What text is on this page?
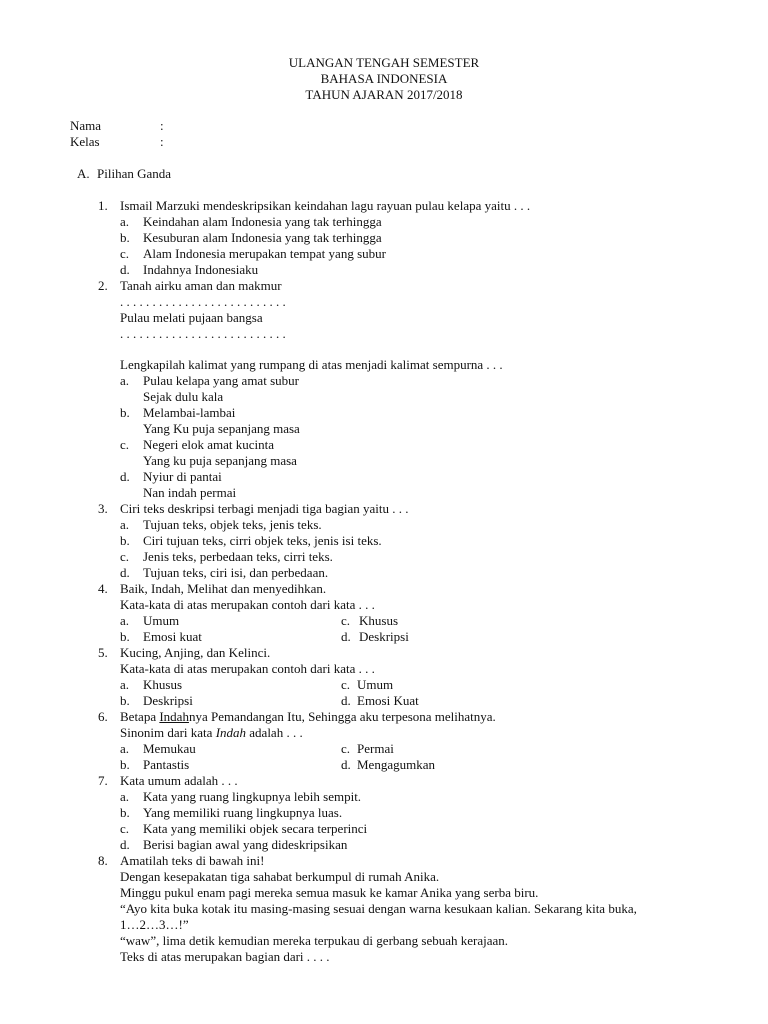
ULANGAN TENGAH SEMESTER
BAHASA INDONESIA
TAHUN AJARAN 2017/2018
Nama	:
Kelas	:
A. Pilihan Ganda
1. Ismail Marzuki mendeskripsikan keindahan lagu rayuan pulau kelapa yaitu . . .
a. Keindahan alam Indonesia yang tak terhingga
b. Kesuburan alam Indonesia yang tak terhingga
c. Alam Indonesia merupakan tempat yang subur
d. Indahnya Indonesiaku
2. Tanah airku aman dan makmur
. . . . . . . . . . . . . . . . . . . . . . . . . .
Pulau melati pujaan bangsa
. . . . . . . . . . . . . . . . . . . . . . . . . .
Lengkapilah kalimat yang rumpang di atas menjadi kalimat sempurna . . .
a. Pulau kelapa yang amat subur
Sejak dulu kala
b. Melambai-lambai
Yang Ku puja sepanjang masa
c. Negeri elok amat kucinta
Yang ku puja sepanjang masa
d. Nyiur di pantai
Nan indah permai
3. Ciri teks deskripsi terbagi menjadi tiga bagian yaitu . . .
a. Tujuan teks, objek teks, jenis teks.
b. Ciri tujuan teks, cirri objek teks, jenis isi teks.
c. Jenis teks, perbedaan teks, cirri teks.
d. Tujuan teks, ciri isi, dan perbedaan.
4. Baik, Indah, Melihat dan menyedihkan.
Kata-kata di atas merupakan contoh dari kata . . .
a. Umum	c. Khusus
b. Emosi kuat	d. Deskripsi
5. Kucing, Anjing, dan Kelinci.
Kata-kata di atas merupakan contoh dari kata . . .
a. Khusus	c. Umum
b. Deskripsi	d. Emosi Kuat
6. Betapa Indahnya Pemandangan Itu, Sehingga aku terpesona melihatnya.
Sinonim dari kata Indah adalah . . .
a. Memukau	c. Permai
b. Pantastis	d. Mengagumkan
7. Kata umum adalah . . .
a. Kata yang ruang lingkupnya lebih sempit.
b. Yang memiliki ruang lingkupnya luas.
c. Kata yang memiliki objek secara terperinci
d. Berisi bagian awal yang dideskripsikan
8. Amatilah teks di bawah ini!
Dengan kesepakatan tiga sahabat berkumpul di rumah Anika.
Minggu pukul enam pagi mereka semua masuk ke kamar Anika yang serba biru.
“Ayo kita buka kotak itu masing-masing sesuai dengan warna kesukaan kalian. Sekarang kita buka,
1…2…3…!”
“waw”, lima detik kemudian mereka terpukau di gerbang sebuah kerajaan.
Teks di atas merupakan bagian dari . . . .
